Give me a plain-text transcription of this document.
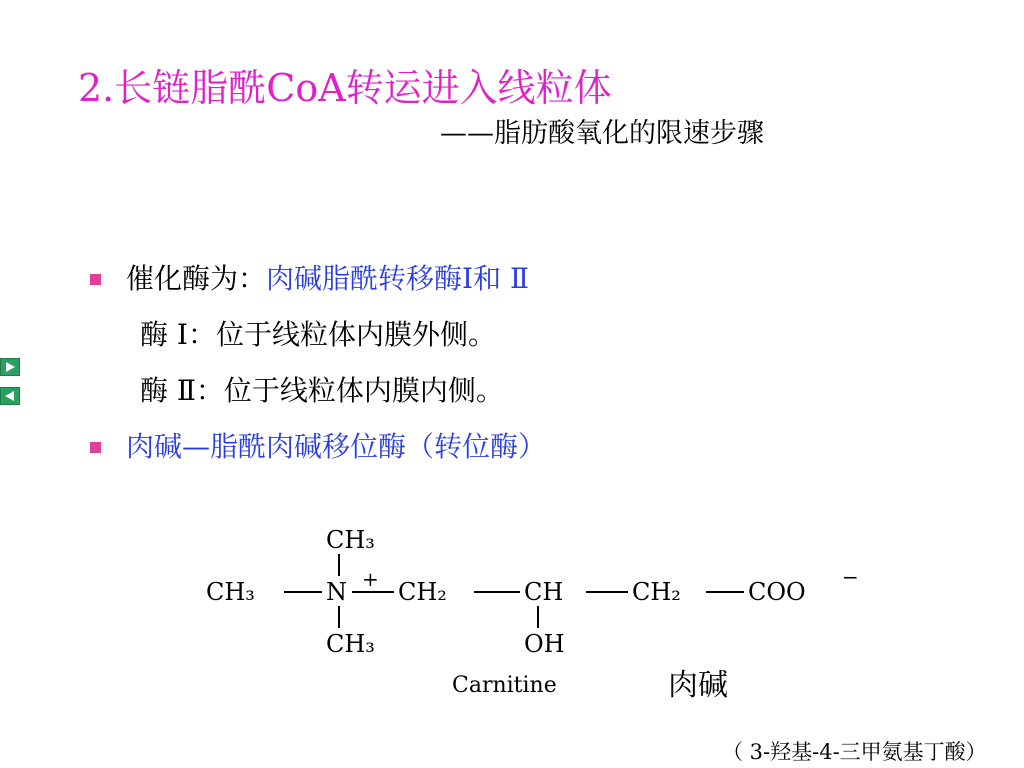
2.长链脂酰CoA转运进入线粒体
——脂肪酸氧化的限速步骤
催化酶为：肉碱脂酰转移酶Ⅰ和 Ⅱ
酶 Ⅰ：位于线粒体内膜外侧。
酶 Ⅱ：位于线粒体内膜内侧。
肉碱—脂酰肉碱移位酶（转位酶）
CH₃
CH₃	N + CH₂	CH	CH₂	COO
−
CH₃	OH
Carnitine	肉碱
（ 3-羟基-4-三甲氨基丁酸）
